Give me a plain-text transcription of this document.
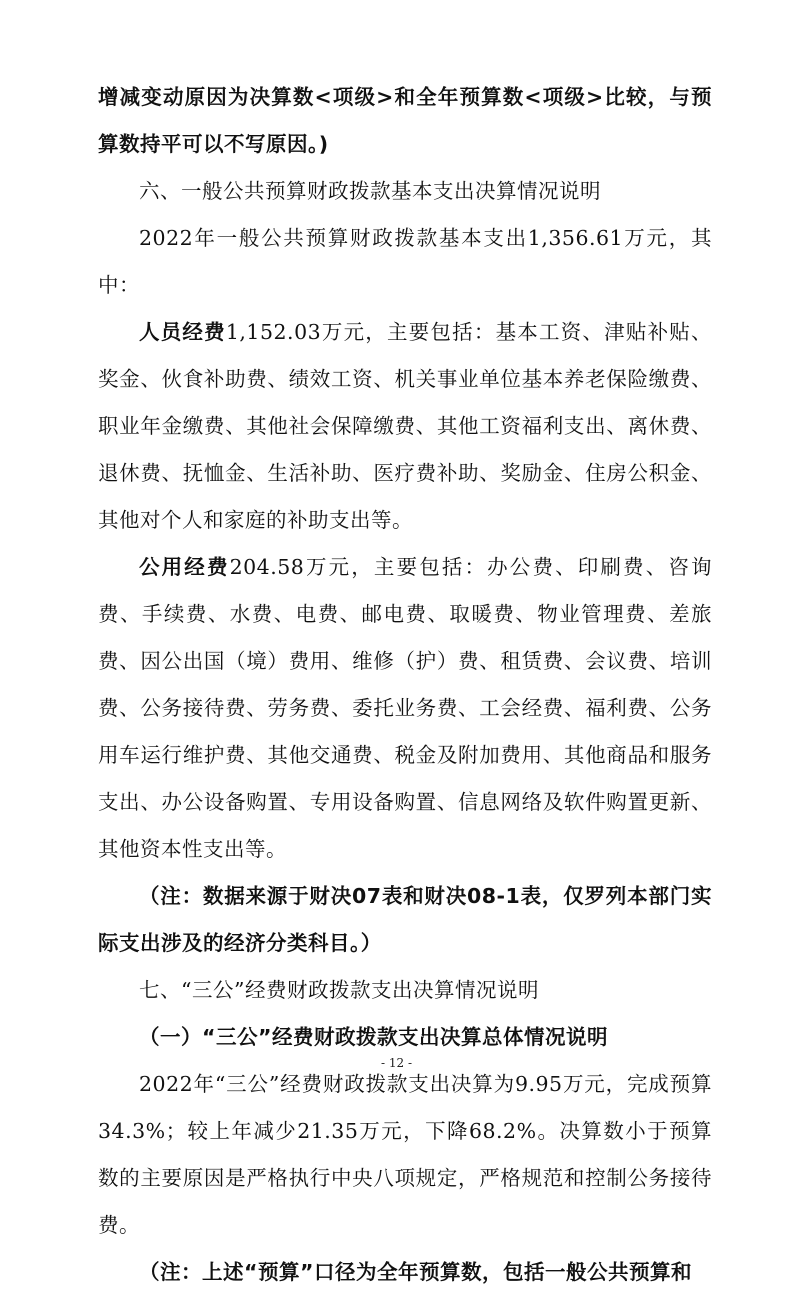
增减变动原因为决算数<项级>和全年预算数<项级>比较，与预算数持平可以不写原因。)

六、一般公共预算财政拨款基本支出决算情况说明

2022年一般公共预算财政拨款基本支出1,356.61万元，其中：

人员经费1,152.03万元，主要包括：基本工资、津贴补贴、奖金、伙食补助费、绩效工资、机关事业单位基本养老保险缴费、职业年金缴费、其他社会保障缴费、其他工资福利支出、离休费、退休费、抚恤金、生活补助、医疗费补助、奖励金、住房公积金、其他对个人和家庭的补助支出等。

公用经费204.58万元，主要包括：办公费、印刷费、咨询费、手续费、水费、电费、邮电费、取暖费、物业管理费、差旅费、因公出国（境）费用、维修（护）费、租赁费、会议费、培训费、公务接待费、劳务费、委托业务费、工会经费、福利费、公务用车运行维护费、其他交通费、税金及附加费用、其他商品和服务支出、办公设备购置、专用设备购置、信息网络及软件购置更新、其他资本性支出等。

（注：数据来源于财决07表和财决08-1表，仅罗列本部门实际支出涉及的经济分类科目。）

七、“三公”经费财政拨款支出决算情况说明

（一）“三公”经费财政拨款支出决算总体情况说明

2022年“三公”经费财政拨款支出决算为9.95万元，完成预算34.3%；较上年减少21.35万元，下降68.2%。决算数小于预算数的主要原因是严格执行中央八项规定，严格规范和控制公务接待费。

（注：上述“预算”口径为全年预算数，包括一般公共预算和

- 12 -
